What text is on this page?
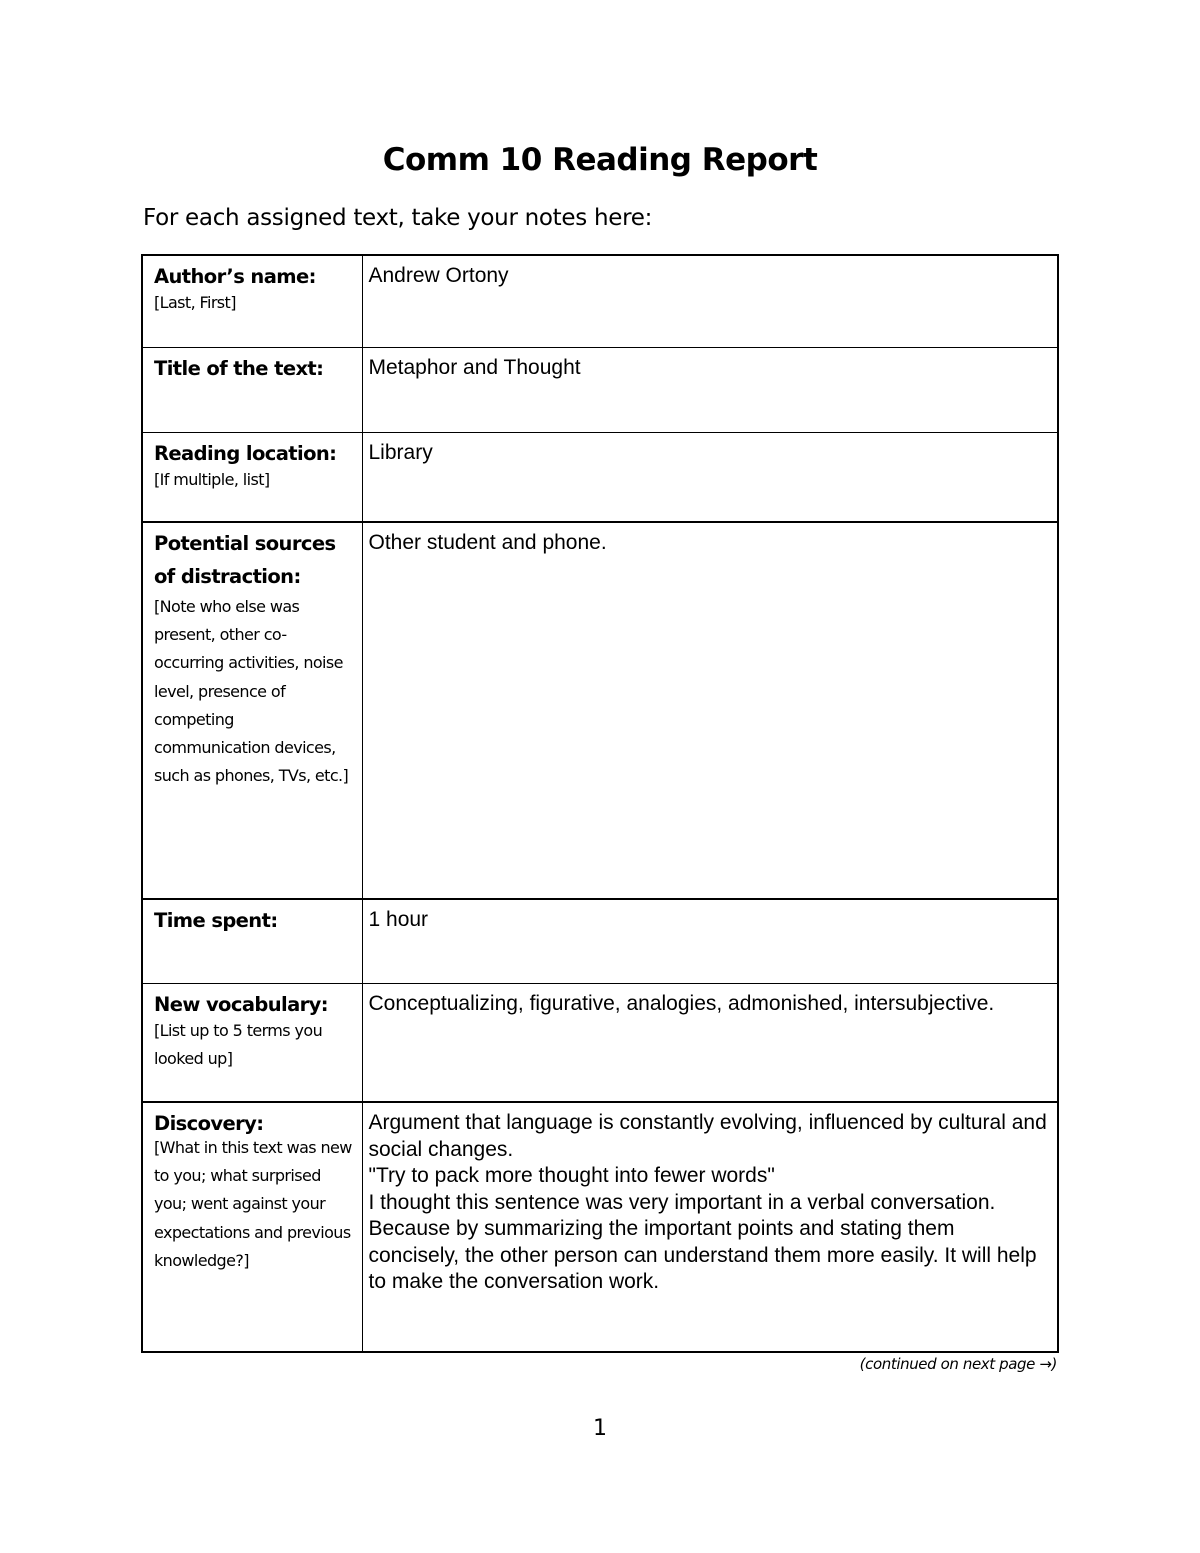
Comm 10 Reading Report
For each assigned text, take your notes here:
Author’s name:
[Last, First]	Andrew Ortony

Title of the text:	Metaphor and Thought

Reading location:
[If multiple, list]	Library

Potential sources of distraction:
[Note who else was present, other co-occurring activities, noise level, presence of competing communication devices, such as phones, TVs, etc.]	Other student and phone.

Time spent:	1 hour

New vocabulary:
[List up to 5 terms you looked up]	Conceptualizing, figurative, analogies, admonished, intersubjective.

Discovery:
[What in this text was new to you; what surprised you; went against your expectations and previous knowledge?]	Argument that language is constantly evolving, influenced by cultural and social changes.
"Try to pack more thought into fewer words"
I thought this sentence was very important in a verbal conversation. Because by summarizing the important points and stating them concisely, the other person can understand them more easily. It will help to make the conversation work.
(continued on next page →)
1
